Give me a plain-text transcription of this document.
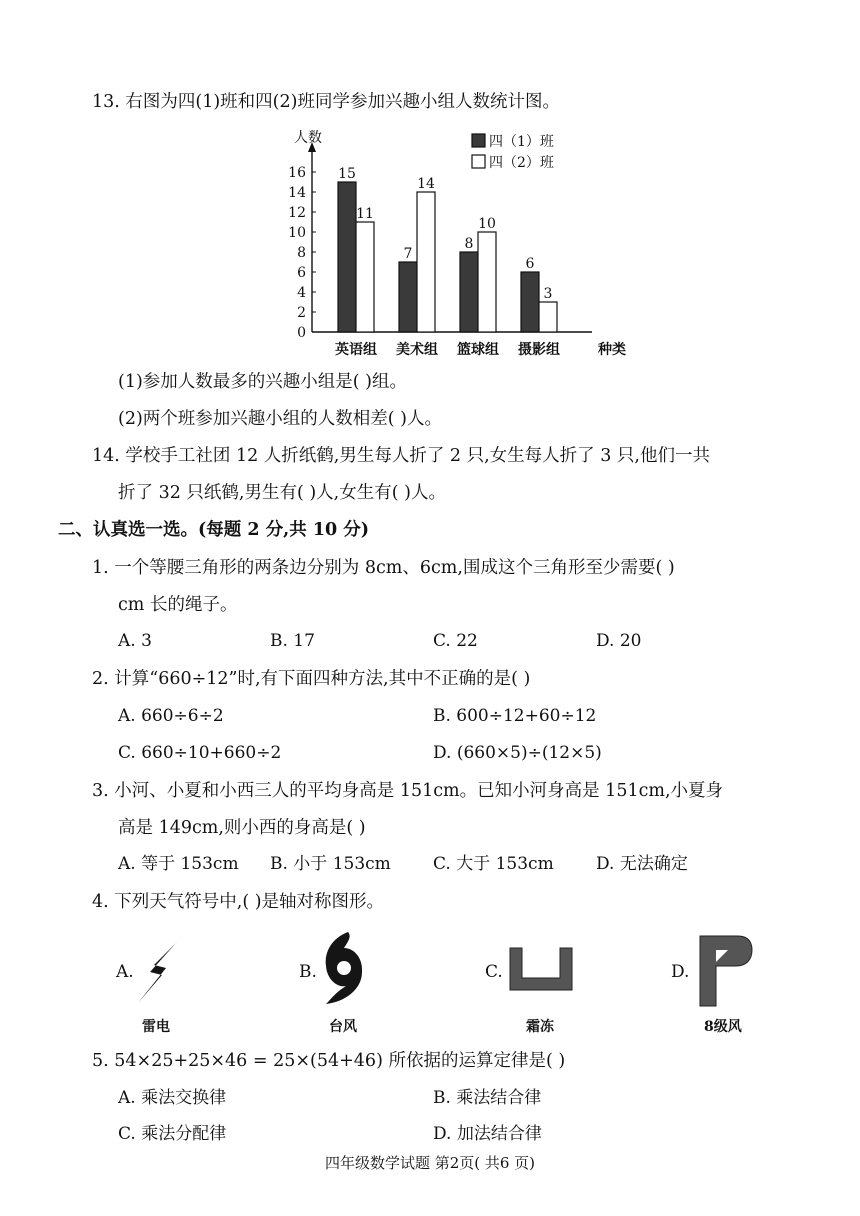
13. 右图为四(1)班和四(2)班同学参加兴趣小组人数统计图。
16
14
12
10
8
6
4
2
0
人数
15
11
英语组
7
14
美术组
8
10
篮球组
6
3
摄影组	种类
四（1）班
四（2）班
(1)参加人数最多的兴趣小组是( )组。
(2)两个班参加兴趣小组的人数相差( )人。
14. 学校手工社团 12 人折纸鹤,男生每人折了 2 只,女生每人折了 3 只,他们一共
折了 32 只纸鹤,男生有( )人,女生有( )人。
二、认真选一选。(每题 2 分,共 10 分)
1. 一个等腰三角形的两条边分别为 8cm、6cm,围成这个三角形至少需要( )
cm 长的绳子。
A. 3	B. 17	C. 22	D. 20
2. 计算“660÷12”时,有下面四种方法,其中不正确的是( )
A. 660÷6÷2	B. 600÷12+60÷12
C. 660÷10+660÷2	D. (660×5)÷(12×5)
3. 小河、小夏和小西三人的平均身高是 151cm。已知小河身高是 151cm,小夏身
高是 149cm,则小西的身高是( )
A. 等于 153cm B. 小于 153cm C. 大于 153cm D. 无法确定
4. 下列天气符号中,( )是轴对称图形。
A.
雷电
B.
台风
C.
霜冻
D.
8级风
5. 54×25+25×46 = 25×(54+46) 所依据的运算定律是( )
A. 乘法交换律	B. 乘法结合律
C. 乘法分配律	D. 加法结合律
四年级数学试题 第2页( 共6 页)
